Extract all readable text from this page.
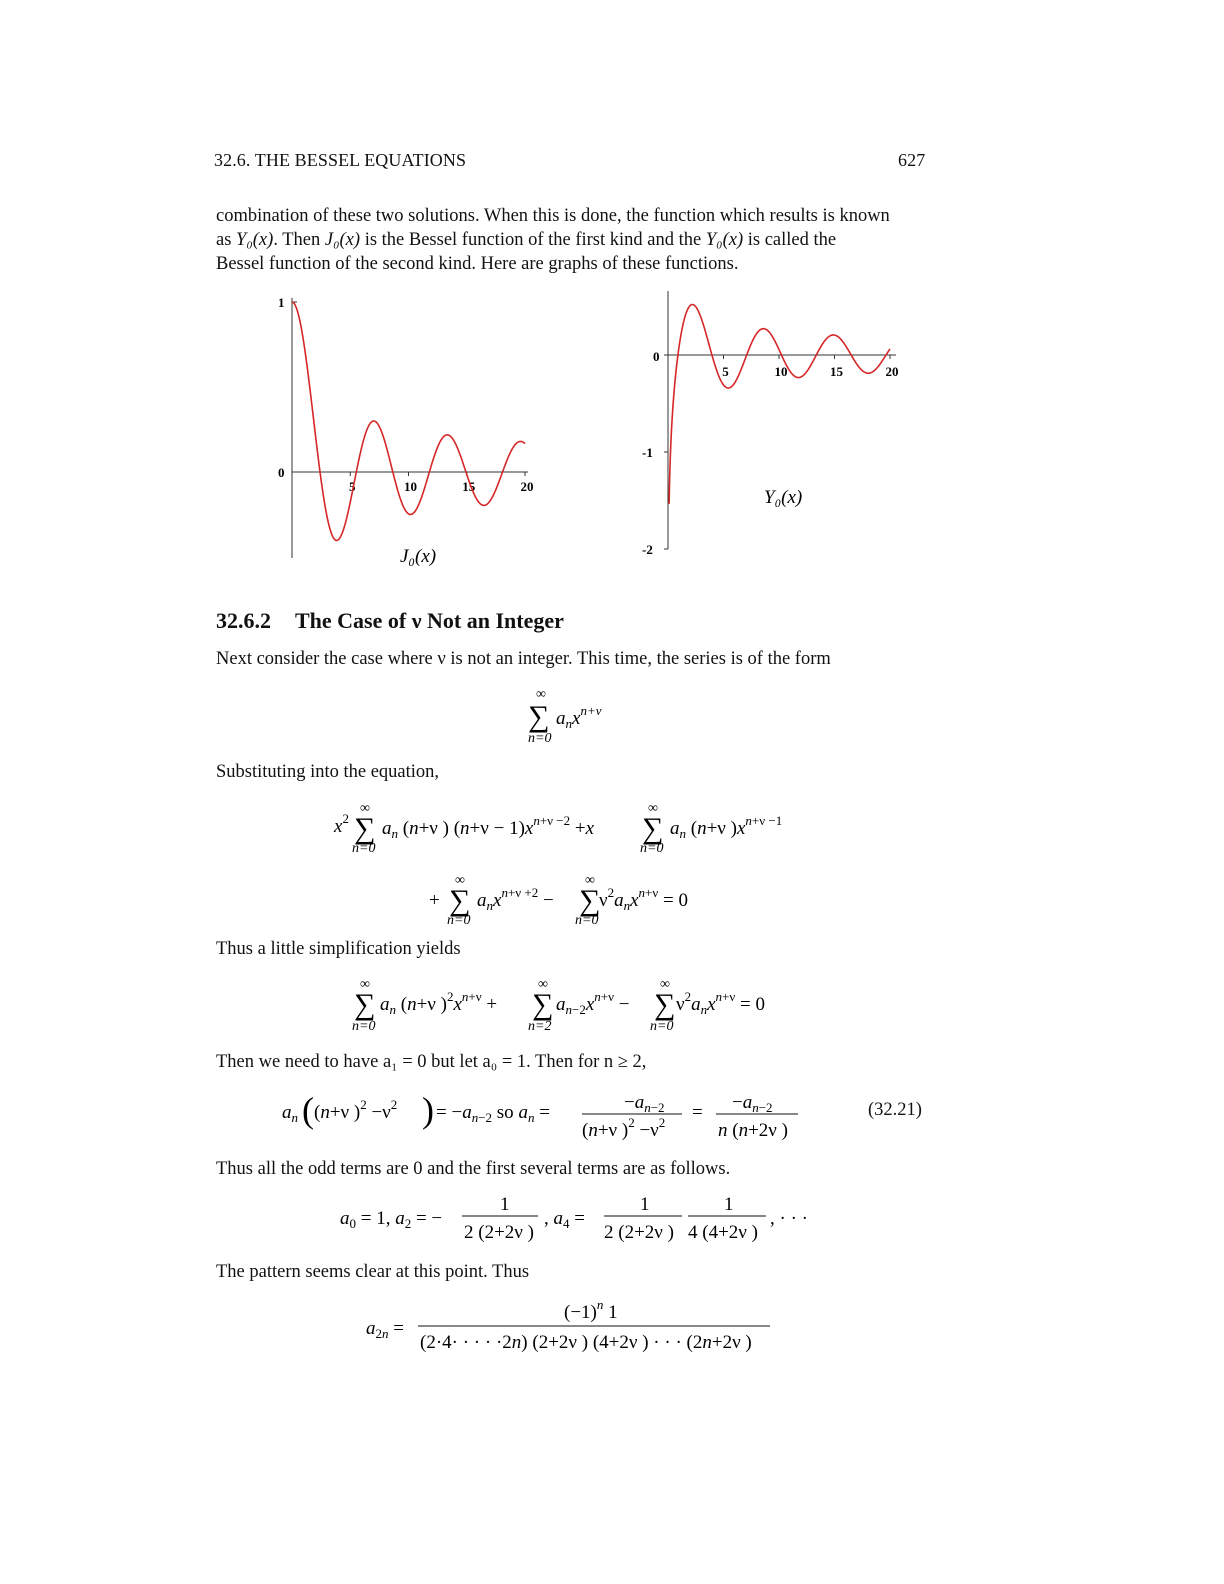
32.6. THE BESSEL EQUATIONS	627
combination of these two solutions. When this is done, the function which results is known
as Y₀(x). Then J₀(x) is the Bessel function of the first kind and the Y₀(x) is called the
Bessel function of the second kind. Here are graphs of these functions.
1
0
5	10	15	20
J₀(x)
0
-1
-2
5	10	15	20
Y₀(x)
32.6.2 The Case of ν Not an Integer
Next consider the case where ν is not an integer. This time, the series is of the form
∞
∑
n=0
$a_nx^{n+\nu}$
Substituting into the equation,
$x^2$
∞
∑
n=0
$a_n$ (n+ν ) $(n+\nu - 1)x^{n+\nu -2} +x$
∞
∑
n=0
$a_n$ (n+ν )$x^{n+\nu -1}$
+
∞
∑
n=0
$a_nx^{n+\nu +2}$ −
∞
∑
n=0
$\nu^2a_nx^{n+\nu} = 0$
Thus a little simplification yields
∞
∑
n=0
$a_n$ (n+ν )$^2x^{n+\nu}$ +
∞
∑
n=2
$a_{n-2}x^{n+\nu}$ −
∞
∑
n=0
$\nu^2a_nx^{n+\nu} = 0$
Then we need to have a₁ = 0 but let a₀ = 1. Then for n ≥ 2,
$a_n$ ( (n+ν )$^2 -\nu^2$ ) = $-a_{n-2}$ so $a_n$ =	$-a_{n-2}$
(n+ν )$^2 -\nu^2 = -a_{n-2}$
n (n+2ν )
(32.21)
Thus all the odd terms are 0 and the first several terms are as follows.
$a_0 = 1$, $a_2$ = −
1
2 (2+2ν )
, $a_4$ =
1
2 (2+2ν )
1
4 (4+2ν )
, · · ·
The pattern seems clear at this point. Thus
$a_{2n}$ =
$(-1)^n$ 1
(2·4· · · · ·2n) (2+2ν ) (4+2ν ) · · · (2n+2ν )
